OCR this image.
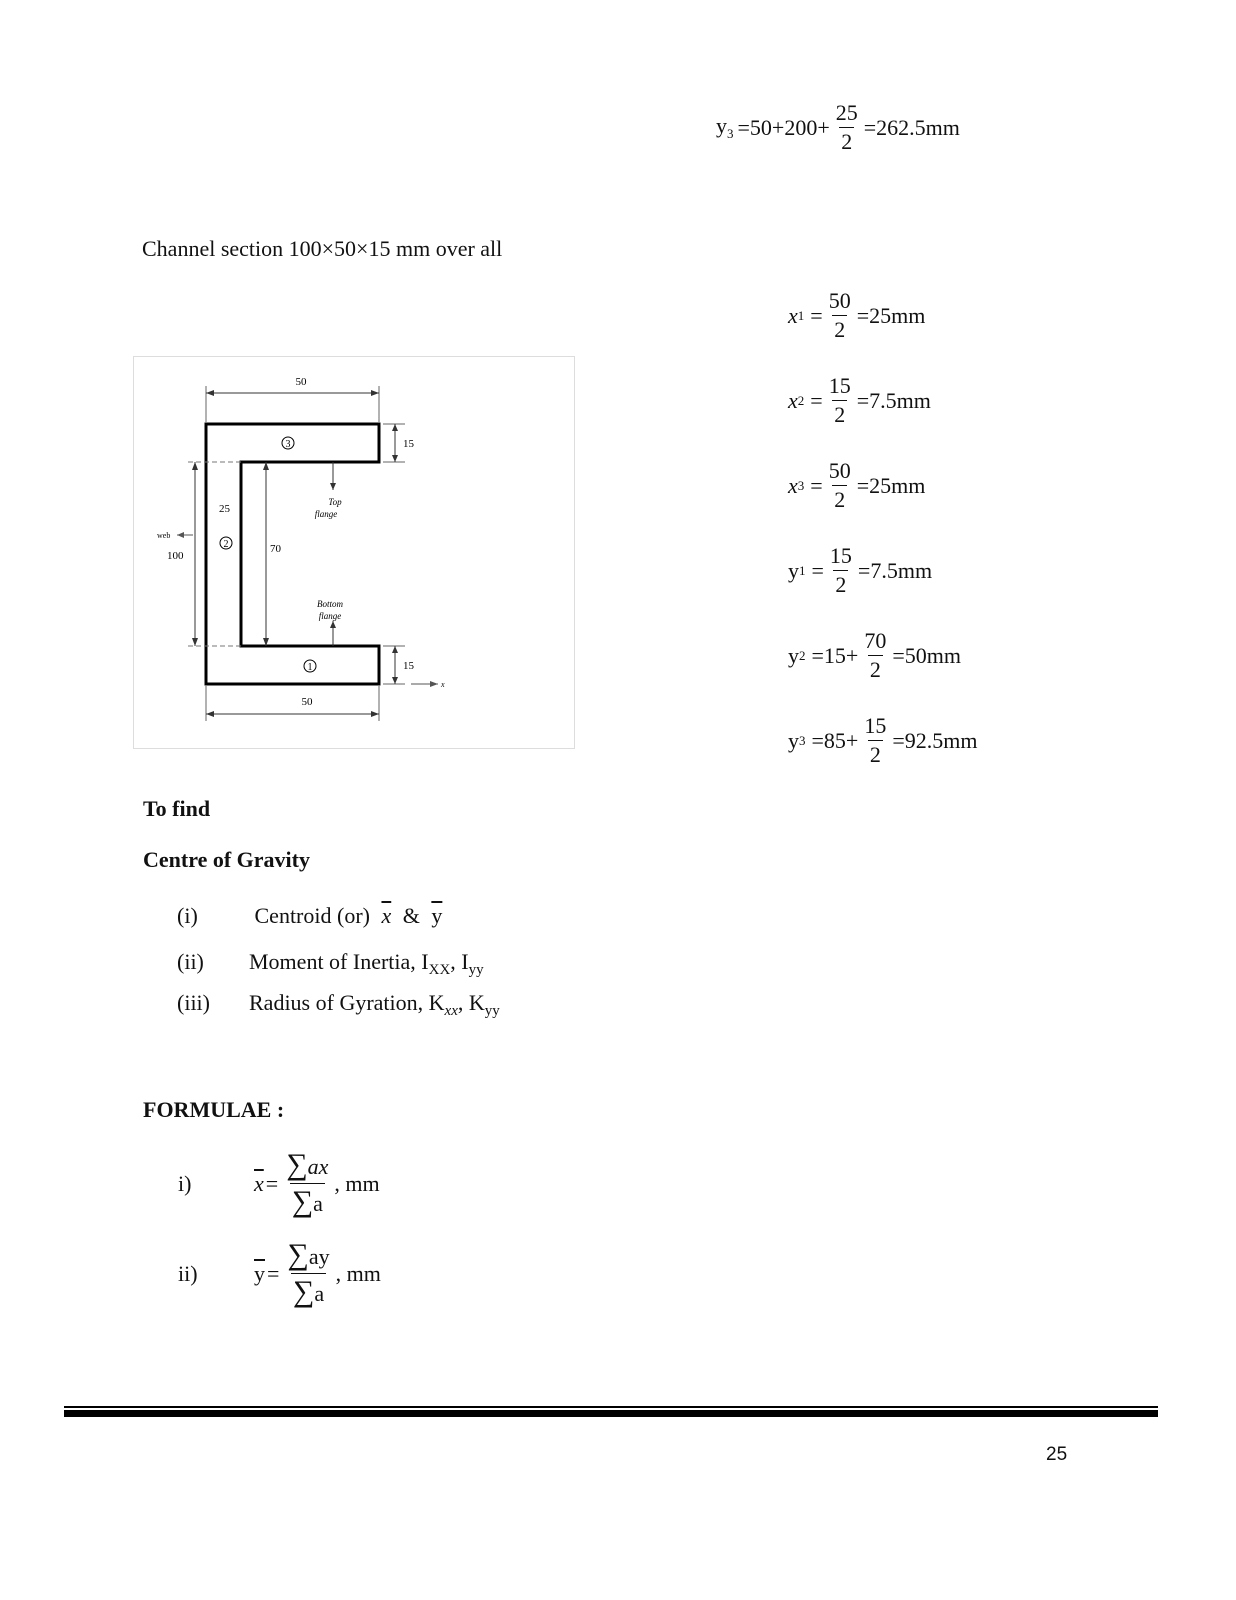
$y_3 =50+200+ \frac{25}{2} =262.5mm$
Channel section 100×50×15 mm over all
50
50
15
15
x
100
web
25
2	70
3
Top
flange
Bottom
flange
1
x $1 = \frac{50}{2} =25mm$
x $2 = \frac{15}{2} =7.5mm$
x $3 = \frac{50}{2} =25mm$
y $1 = \frac{15}{2} =7.5mm$
y $2 =15+ \frac{70}{2} =50mm$
y $3 =85+ \frac{15}{2} =92.5mm$
To find
Centre of Gravity
(i)	Centroid (or) $\overline{x}$ & $\overline{y}$
(ii) Moment of Inertia, $I_{XX}$, $I_{yy}$
(iii) Radius of Gyration, $K_{xx}$, $K_{yy}$
FORMULAE :
i)	$\overline{x} = \frac{\sum ax}{\sum a}$ , mm
ii)	$\overline{y} = \frac{\sum ay}{\sum a}$ , mm
25
